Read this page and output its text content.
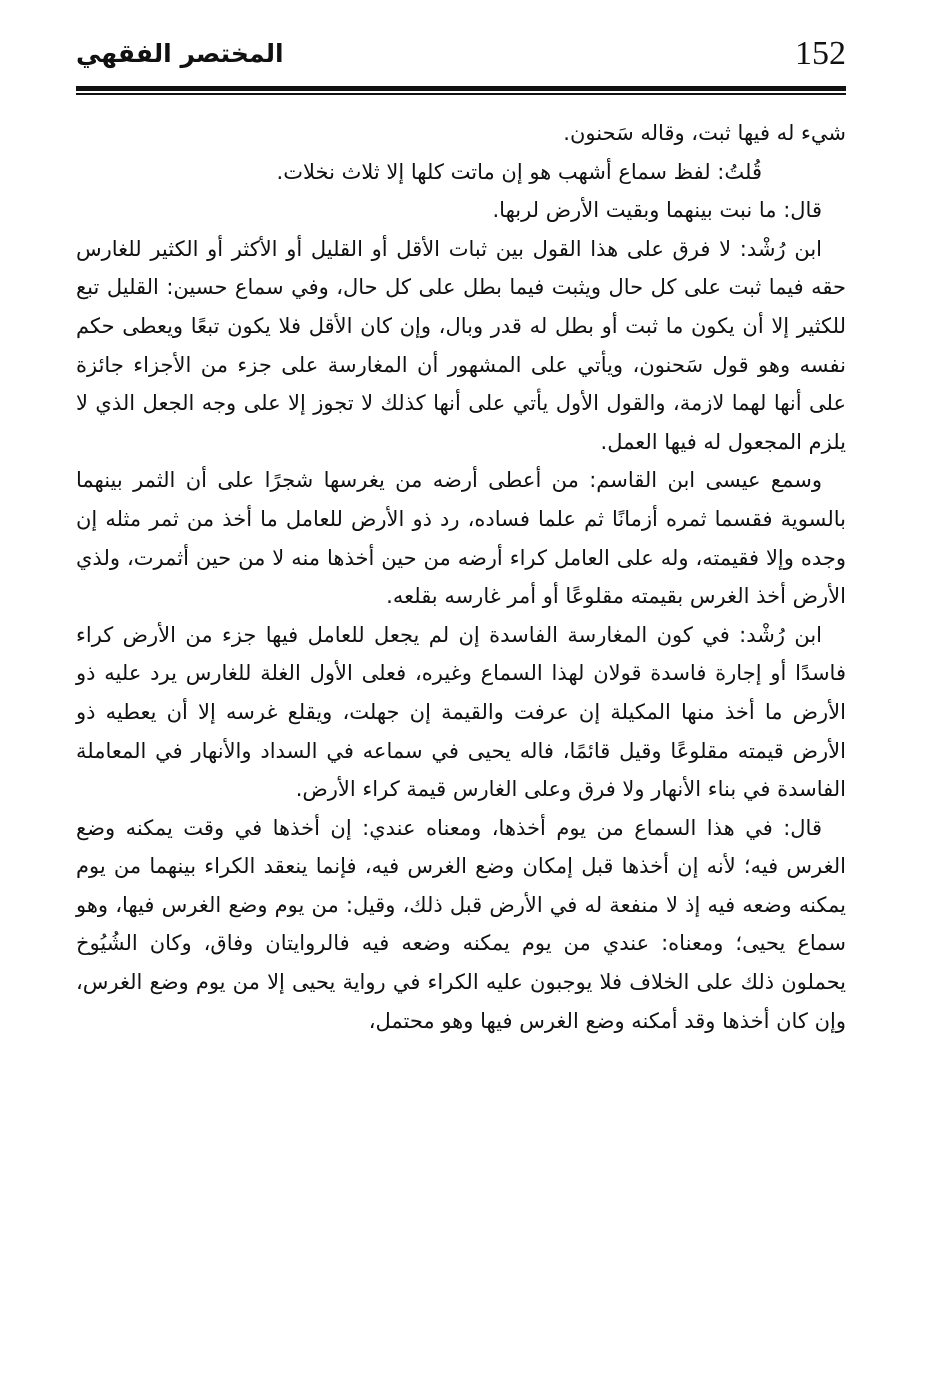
152
المختصر الفقهي

شيء له فيها ثبت، وقاله سَحنون.

قُلتُ: لفظ سماع أشهب هو إن ماتت كلها إلا ثلاث نخلات.

قال: ما نبت بينهما وبقيت الأرض لربها.

ابن رُشْد: لا فرق على هذا القول بين ثبات الأقل أو القليل أو الأكثر أو الكثير للغارس حقه فيما ثبت على كل حال ويثبت فيما بطل على كل حال، وفي سماع حسين: القليل تبع للكثير إلا أن يكون ما ثبت أو بطل له قدر وبال، وإن كان الأقل فلا يكون تبعًا ويعطى حكم نفسه وهو قول سَحنون، ويأتي على المشهور أن المغارسة على جزء من الأجزاء جائزة على أنها لهما لازمة، والقول الأول يأتي على أنها كذلك لا تجوز إلا على وجه الجعل الذي لا يلزم المجعول له فيها العمل.

وسمع عيسى ابن القاسم: من أعطى أرضه من يغرسها شجرًا على أن الثمر بينهما بالسوية فقسما ثمره أزمانًا ثم علما فساده، رد ذو الأرض للعامل ما أخذ من ثمر مثله إن وجده وإلا فقيمته، وله على العامل كراء أرضه من حين أخذها منه لا من حين أثمرت، ولذي الأرض أخذ الغرس بقيمته مقلوعًا أو أمر غارسه بقلعه.

ابن رُشْد: في كون المغارسة الفاسدة إن لم يجعل للعامل فيها جزء من الأرض كراء فاسدًا أو إجارة فاسدة قولان لهذا السماع وغيره، فعلى الأول الغلة للغارس يرد عليه ذو الأرض ما أخذ منها المكيلة إن عرفت والقيمة إن جهلت، ويقلع غرسه إلا أن يعطيه ذو الأرض قيمته مقلوعًا وقيل قائمًا، فاله يحيى في سماعه في السداد والأنهار في المعاملة الفاسدة في بناء الأنهار ولا فرق وعلى الغارس قيمة كراء الأرض.

قال: في هذا السماع من يوم أخذها، ومعناه عندي: إن أخذها في وقت يمكنه وضع الغرس فيه؛ لأنه إن أخذها قبل إمكان وضع الغرس فيه، فإنما ينعقد الكراء بينهما من يوم يمكنه وضعه فيه إذ لا منفعة له في الأرض قبل ذلك، وقيل: من يوم وضع الغرس فيها، وهو سماع يحيى؛ ومعناه: عندي من يوم يمكنه وضعه فيه فالروايتان وفاق، وكان الشُيُوخ يحملون ذلك على الخلاف فلا يوجبون عليه الكراء في رواية يحيى إلا من يوم وضع الغرس، وإن كان أخذها وقد أمكنه وضع الغرس فيها وهو محتمل،
